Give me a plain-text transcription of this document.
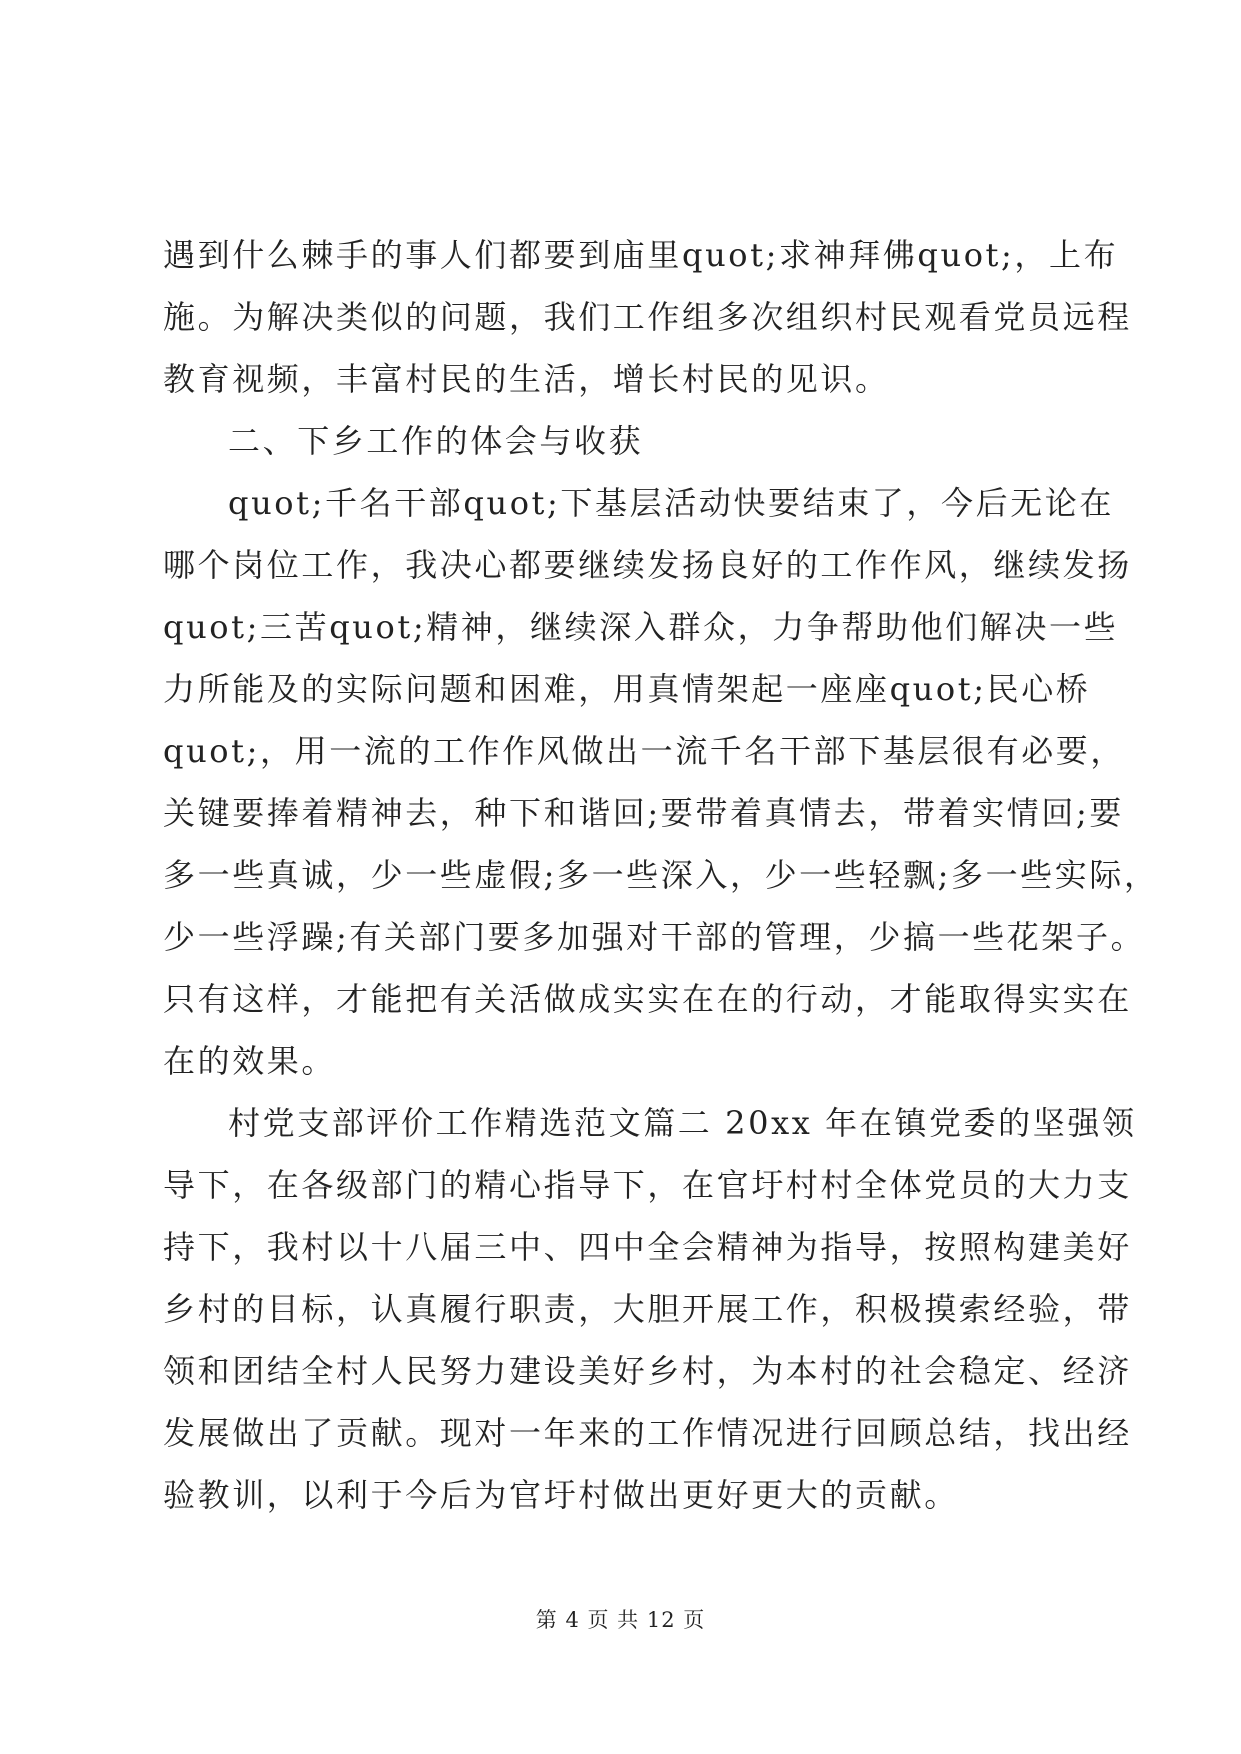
遇到什么棘手的事人们都要到庙里quot;求神拜佛quot;，上布
施。为解决类似的问题，我们工作组多次组织村民观看党员远程
教育视频，丰富村民的生活，增长村民的见识。
二、下乡工作的体会与收获
quot;千名干部quot;下基层活动快要结束了，今后无论在
哪个岗位工作，我决心都要继续发扬良好的工作作风，继续发扬
quot;三苦quot;精神，继续深入群众，力争帮助他们解决一些
力所能及的实际问题和困难，用真情架起一座座quot;民心桥
quot;，用一流的工作作风做出一流千名干部下基层很有必要，
关键要捧着精神去，种下和谐回;要带着真情去，带着实情回;要
多一些真诚，少一些虚假;多一些深入，少一些轻飘;多一些实际，
少一些浮躁;有关部门要多加强对干部的管理，少搞一些花架子。
只有这样，才能把有关活做成实实在在的行动，才能取得实实在
在的效果。
村党支部评价工作精选范文篇二 20xx 年在镇党委的坚强领
导下，在各级部门的精心指导下，在官圩村村全体党员的大力支
持下，我村以十八届三中、四中全会精神为指导，按照构建美好
乡村的目标，认真履行职责，大胆开展工作，积极摸索经验，带
领和团结全村人民努力建设美好乡村，为本村的社会稳定、经济
发展做出了贡献。现对一年来的工作情况进行回顾总结，找出经
验教训，以利于今后为官圩村做出更好更大的贡献。
第 4 页 共 12 页
